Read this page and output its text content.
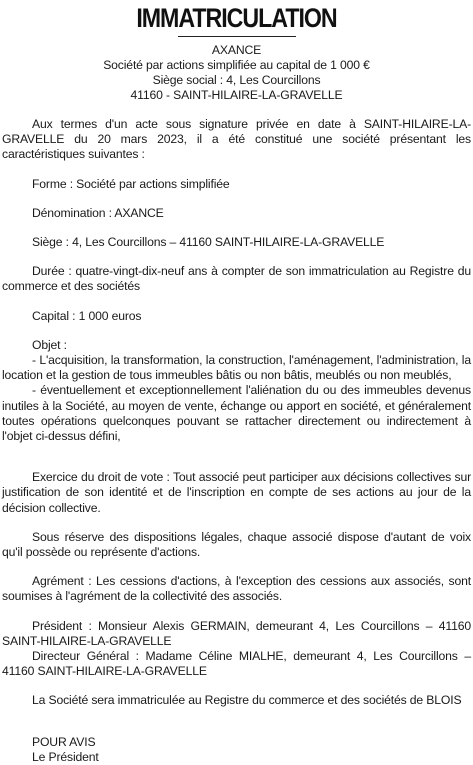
IMMATRICULATION
AXANCE
Société par actions simplifiée au capital de 1 000 €
Siège social : 4, Les Courcillons
41160 - SAINT-HILAIRE-LA-GRAVELLE

Aux termes d'un acte sous signature privée en date à SAINT-HILAIRE-LA-GRAVELLE du 20 mars 2023, il a été constitué une société présentant les caractéristiques suivantes :

Forme : Société par actions simplifiée

Dénomination : AXANCE

Siège : 4, Les Courcillons – 41160 SAINT-HILAIRE-LA-GRAVELLE

Durée : quatre-vingt-dix-neuf ans à compter de son immatriculation au Registre du commerce et des sociétés

Capital : 1 000 euros

Objet :

- L'acquisition, la transformation, la construction, l'aménagement, l'administration, la location et la gestion de tous immeubles bâtis ou non bâtis, meublés ou non meublés,

- éventuellement et exceptionnellement l'aliénation du ou des immeubles devenus inutiles à la Société, au moyen de vente, échange ou apport en société, et généralement toutes opérations quelconques pouvant se rattacher directement ou indirectement à l'objet ci-dessus défini,

Exercice du droit de vote : Tout associé peut participer aux décisions collectives sur justification de son identité et de l'inscription en compte de ses actions au jour de la décision collective.

Sous réserve des dispositions légales, chaque associé dispose d'autant de voix qu'il possède ou représente d'actions.

Agrément : Les cessions d'actions, à l'exception des cessions aux associés, sont soumises à l'agrément de la collectivité des associés.

Président : Monsieur Alexis GERMAIN, demeurant 4, Les Courcillons – 41160 SAINT-HILAIRE-LA-GRAVELLE

Directeur Général : Madame Céline MIALHE, demeurant 4, Les Courcillons – 41160 SAINT-HILAIRE-LA-GRAVELLE

La Société sera immatriculée au Registre du commerce et des sociétés de BLOIS

POUR AVIS

Le Président
